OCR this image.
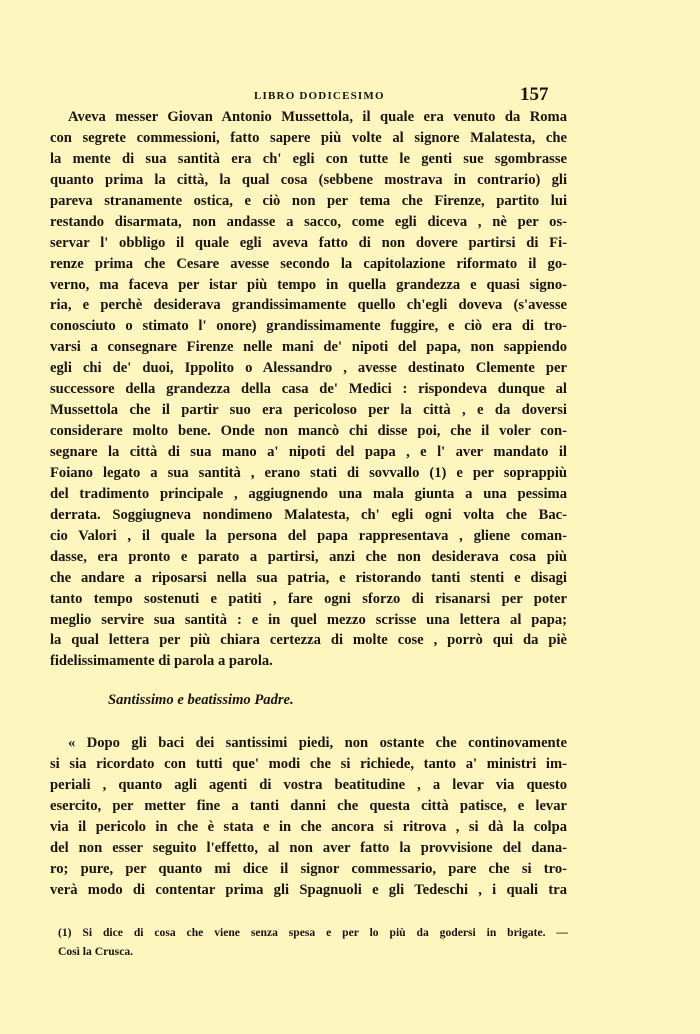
LIBRO DODICESIMO	157
Aveva messer Giovan Antonio Mussettola, il quale era venuto da Roma
con segrete commessioni, fatto sapere più volte al signore Malatesta, che
la mente di sua santità era ch' egli con tutte le genti sue sgombrasse
quanto prima la città, la qual cosa (sebbene mostrava in contrario) gli
pareva stranamente ostica, e ciò non per tema che Firenze, partito lui
restando disarmata, non andasse a sacco, come egli diceva , nè per os-
servar l' obbligo il quale egli aveva fatto di non dovere partirsi di Fi-
renze prima che Cesare avesse secondo la capitolazione riformato il go-
verno, ma faceva per istar più tempo in quella grandezza e quasi signo-
ria, e perchè desiderava grandissimamente quello ch'egli doveva (s'avesse
conosciuto o stimato l' onore) grandissimamente fuggire, e ciò era di tro-
varsi a consegnare Firenze nelle mani de' nipoti del papa, non sappiendo
egli chi de' duoi, Ippolito o Alessandro , avesse destinato Clemente per
successore della grandezza della casa de' Medici : rispondeva dunque al
Mussettola che il partir suo era pericoloso per la città , e da doversi
considerare molto bene. Onde non mancò chi disse poi, che il voler con-
segnare la città di sua mano a' nipoti del papa , e l' aver mandato il
Foiano legato a sua santità , erano stati di sovvallo (1) e per soprappiù
del tradimento principale , aggiugnendo una mala giunta a una pessima
derrata. Soggiugneva nondimeno Malatesta, ch' egli ogni volta che Bac-
cio Valori , il quale la persona del papa rappresentava , gliene coman-
dasse, era pronto e parato a partirsi, anzi che non desiderava cosa più
che andare a riposarsi nella sua patria, e ristorando tanti stenti e disagi
tanto tempo sostenuti e patiti , fare ogni sforzo di risanarsi per poter
meglio servire sua santità : e in quel mezzo scrisse una lettera al papa;
la qual lettera per più chiara certezza di molte cose , porrò qui da piè
fidelissimamente di parola a parola.
Santissimo e beatissimo Padre.
« Dopo gli baci dei santissimi piedi, non ostante che continovamente
si sia ricordato con tutti que' modi che si richiede, tanto a' ministri im-
periali , quanto agli agenti di vostra beatitudine , a levar via questo
esercito, per metter fine a tanti danni che questa città patisce, e levar
via il pericolo in che è stata e in che ancora si ritrova , si dà la colpa
del non esser seguito l'effetto, al non aver fatto la provvisione del dana-
ro; pure, per quanto mi dice il signor commessario, pare che si tro-
verà modo di contentar prima gli Spagnuoli e gli Tedeschi , i quali tra
(1) Si dice di cosa che viene senza spesa e per lo più da godersi in brigate. —
Così la Crusca.
